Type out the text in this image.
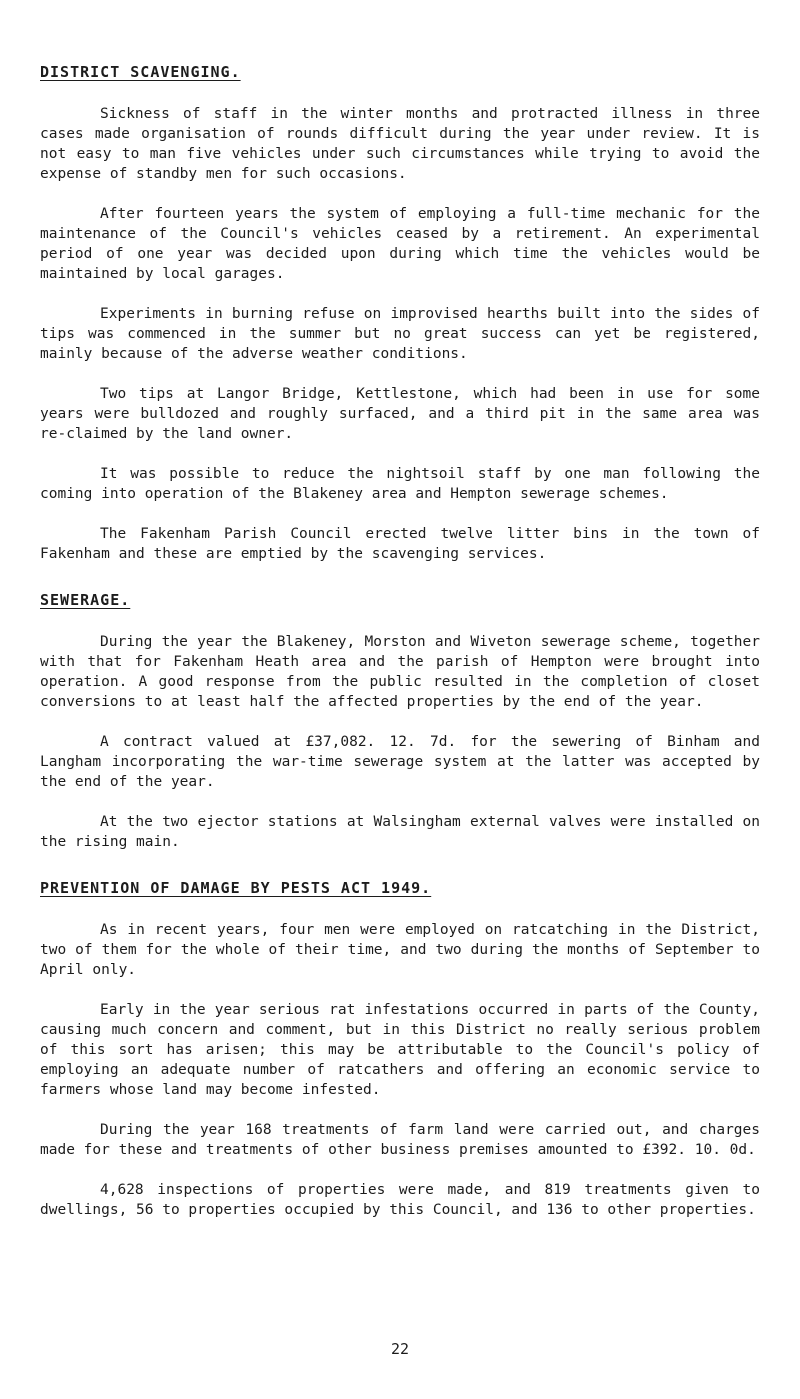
DISTRICT SCAVENGING.

Sickness of staff in the winter months and protracted illness in three cases made organisation of rounds difficult during the year under review. It is not easy to man five vehicles under such circumstances while trying to avoid the expense of standby men for such occasions.

After fourteen years the system of employing a full-time mechanic for the maintenance of the Council's vehicles ceased by a retirement. An experimental period of one year was decided upon during which time the vehicles would be maintained by local garages.

Experiments in burning refuse on improvised hearths built into the sides of tips was commenced in the summer but no great success can yet be registered, mainly because of the adverse weather conditions.

Two tips at Langor Bridge, Kettlestone, which had been in use for some years were bulldozed and roughly surfaced, and a third pit in the same area was re-claimed by the land owner.

It was possible to reduce the nightsoil staff by one man following the coming into operation of the Blakeney area and Hempton sewerage schemes.

The Fakenham Parish Council erected twelve litter bins in the town of Fakenham and these are emptied by the scavenging services.

SEWERAGE.

During the year the Blakeney, Morston and Wiveton sewerage scheme, together with that for Fakenham Heath area and the parish of Hempton were brought into operation. A good response from the public resulted in the completion of closet conversions to at least half the affected properties by the end of the year.

A contract valued at £37,082. 12. 7d. for the sewering of Binham and Langham incorporating the war-time sewerage system at the latter was accepted by the end of the year.

At the two ejector stations at Walsingham external valves were installed on the rising main.

PREVENTION OF DAMAGE BY PESTS ACT 1949.

As in recent years, four men were employed on ratcatching in the District, two of them for the whole of their time, and two during the months of September to April only.

Early in the year serious rat infestations occurred in parts of the County, causing much concern and comment, but in this District no really serious problem of this sort has arisen; this may be attributable to the Council's policy of employing an adequate number of ratcathers and offering an economic service to farmers whose land may become infested.

During the year 168 treatments of farm land were carried out, and charges made for these and treatments of other business premises amounted to £392. 10. 0d.

4,628 inspections of properties were made, and 819 treatments given to dwellings, 56 to properties occupied by this Council, and 136 to other properties.

22
